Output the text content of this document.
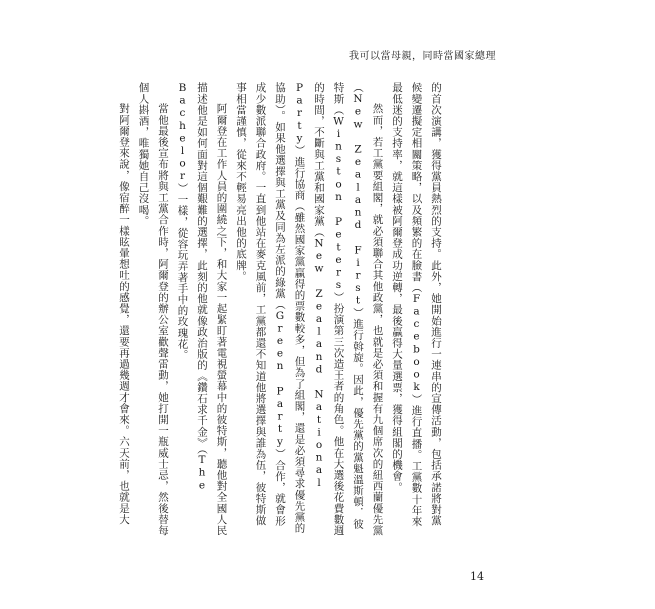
我可以當母親，同時當國家總理

的首次演講，獲得黨員熱烈的支持。此外，她開始進行一連串的宣傳活動，包括承諾將對黨候變遷擬定相關策略，以及頻繁的在臉書（Facebook）進行直播。工黨數十年來最低迷的支持率，就這樣被阿爾登成功逆轉，最後贏得大量選票，獲得組閣的機會。

然而，若工黨要組閣，就必須聯合其他政黨，也就是必須和握有九個席次的紐西蘭優先黨（New Zealand First）進行斡旋。因此，優先黨的黨魁溫斯頓．彼特斯（Winston Peters）扮演第三次造王者的角色。他在大選後花費數週的時間，不斷與工黨和國家黨（New Zealand National Party）進行協商（雖然國家黨贏得的票數較多，但為了組閣，還是必須尋求優先黨的協助）。如果他選擇與工黨及同為左派的綠黨（Green Party）合作，就會形成少數派聯合政府。一直到他站在麥克風前，工黨都還不知道他將選擇與誰為伍，彼特斯做事相當謹慎，從來不輕易亮出他的底牌。

阿爾登在工作人員的圍繞之下，和大家一起緊盯著電視螢幕中的彼特斯，聽他對全國人民描述他是如何面對這個艱難的選擇，此刻的他就像政治版的《鑽石求千金》（The Bachelor）一樣，從容玩弄著手中的玫瑰花。

當他最後宣布將與工黨合作時，阿爾登的辦公室歡聲雷動，她打開一瓶威士忌，然後替每個人斟酒，唯獨她自己沒喝。

對阿爾登來說，像宿醉一樣眩暈想吐的感覺，還要再過幾週才會來。六天前，也就是大

14
